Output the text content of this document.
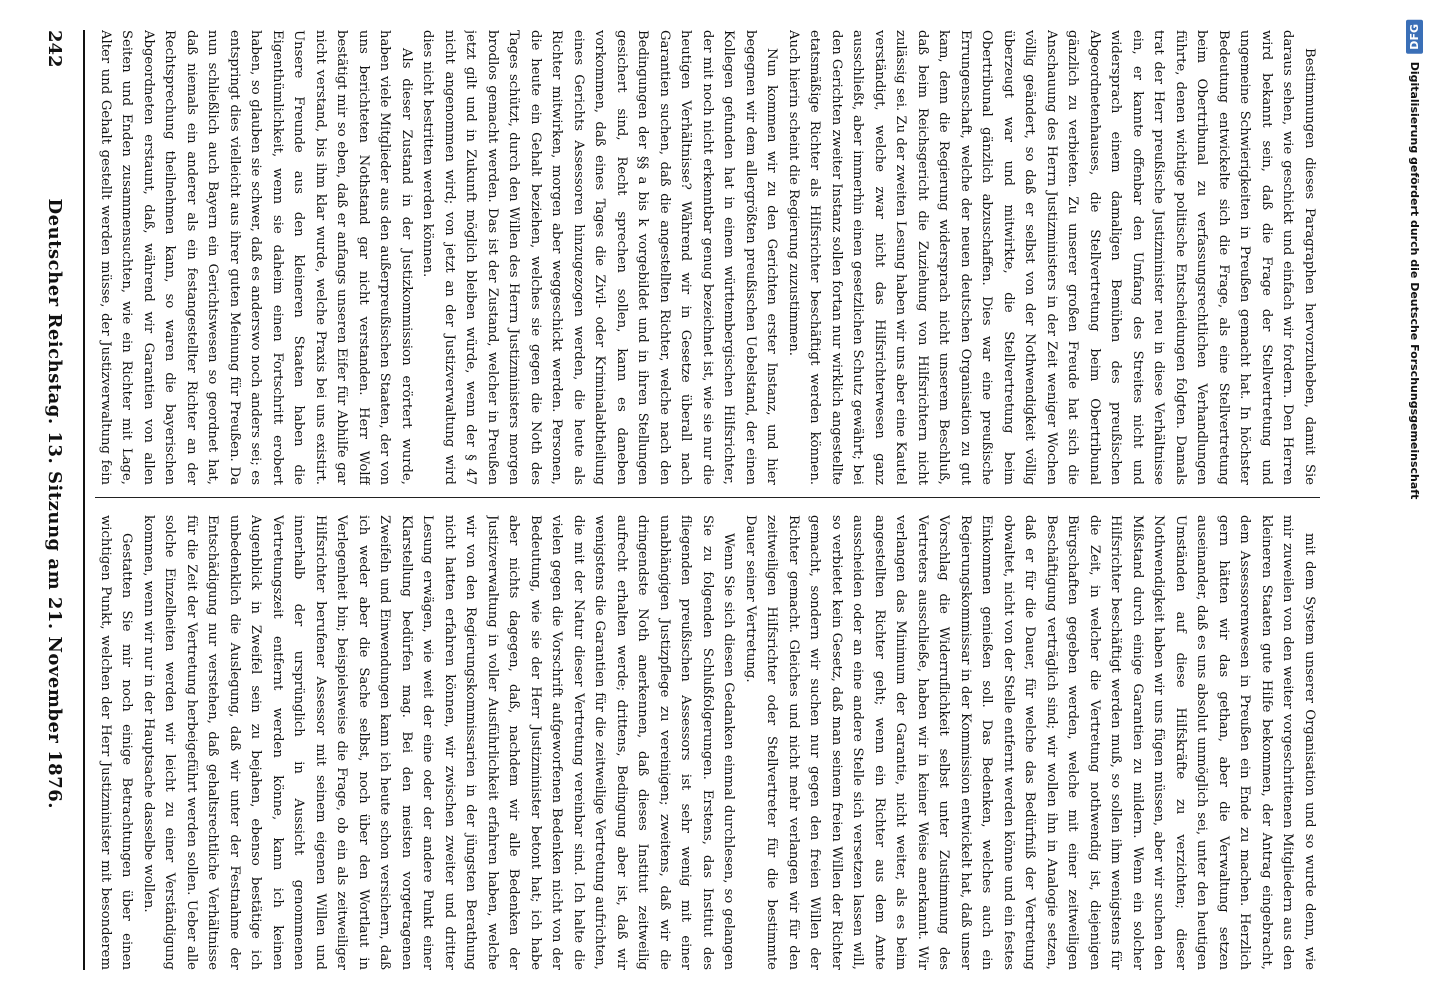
Bestimmungen dieses Paragraphen hervorzuheben, damit Sie daraus sehen, wie geschickt und einfach wir fordern. Den Herren wird bekannt sein, daß die Frage der Stellvertretung und ungemeine Schwierigkeiten in Preußen gemacht hat. In höchster Bedeutung entwickelte sich die Frage, als eine Stellvertretung beim Obertribunal zu verfassungsrechtlichen Verhandlungen führte, denen wichtige politische Entscheidungen folgten. Damals trat der Herr preußische Justizminister neu in diese Verhältnisse ein, er kannte offenbar den Umfang des Streites nicht und widersprach einem damaligen Bemühen des preußischen Abgeordnetenhauses, die Stellvertretung beim Obertribunal gänzlich zu verbieten. Zu unserer großen Freude hat sich die Anschauung des Herrn Justizministers in der Zeit weniger Wochen völlig geändert, so daß er selbst von der Nothwendigkeit völlig überzeugt war und mitwirkte, die Stellvertretung beim Obertribunal gänzlich abzuschaffen. Dies war eine preußische Errungenschaft, welche der neuen deutschen Organisation zu gut kam, denn die Regierung widersprach nicht unserem Beschluß, daß beim Reichsgericht die Zuziehung von Hilfsrichtern nicht zulässig sei. Zu der zweiten Lesung haben wir uns aber eine Kautel verständigt, welche zwar nicht das Hilfsrichterwesen ganz ausschließt, aber immerhin einen gesetzlichen Schutz gewährt; bei den Gerichten zweiter Instanz sollen fortan nur wirklich angestellte etatsmäßige Richter als Hilfsrichter beschäftigt werden können. Auch hierin scheint die Regierung zuzustimmen.

Nun kommen wir zu den Gerichten erster Instanz, und hier begegnen wir dem allergrößten preußischen Uebelstand, der einen Kollegen gefunden hat in einem württembergischen Hilfsrichter, der mit noch nicht erkenntbar genug bezeichnet ist, wie sie nur die heutigen Verhältnisse? Während wir in Gesetze überall nach Garantien suchen, daß die angestellten Richter, welche nach den Bedingungen der §§ a bis k vorgebildet und in ihren Stellungen gesichert sind, Recht sprechen sollen, kann es daneben vorkommen, daß eines Tages die Zivil- oder Kriminalabtheilung eines Gerichts Assessoren hinzugezogen werden, die heute als Richter mitwirken, morgen aber weggeschickt werden. Personen, die heute ein Gehalt beziehen, welches sie gegen die Noth des Tages schützt, durch den Willen des Herrn Justizministers morgen brodlos gemacht werden. Das ist der Zustand, welcher in Preußen jetzt gilt und in Zukunft möglich bleiben würde, wenn der § 47 nicht angenommen wird; von jetzt an der Justizverwaltung wird dies nicht bestritten werden können.

Als dieser Zustand in der Justizkommission erörtert wurde, haben viele Mitglieder aus den außerpreußischen Staaten, der von uns berichteten Nothstand gar nicht verstanden. Herr Wolff bestätigt mir so eben, daß er anfangs unseren Eifer für Abhilfe gar nicht verstand, bis ihm klar wurde, welche Praxis bei uns existirt. Unsere Freunde aus den kleineren Staaten haben die Eigenthümlichkeit, wenn sie daheim einen Fortschritt erobert haben, so glauben sie schwer, daß es anderswo noch anders sei; es entspringt dies vielleicht aus ihrer guten Meinung für Preußen. Da nun schließlich auch Bayern ein Gerichtswesen so geordnet hat, daß niemals ein anderer als ein festangestellter Richter an der Rechtsprechung theilnehmen kann, so waren die bayerischen Abgeordneten erstaunt, daß, während wir Garantien von allen Seiten und Enden zusammensuchten, wie ein Richter mit Lage, Alter und Gehalt gestellt werden müsse, der Justizverwaltung fein

mit dem System unserer Organisation und so wurde denn, wie mir zuweilen von den weiter vorgeschrittenen Mitgliedern aus den kleineren Staaten gute Hilfe bekommen, der Antrag eingebracht, dem Assessorenwesen in Preußen ein Ende zu machen. Herzlich gern hätten wir das gethan, aber die Verwaltung setzen auseinander, daß es uns absolut unmöglich sei, unter den heutigen Umständen auf diese Hilfskräfte zu verzichten; dieser Nothwendigkeit haben wir uns fügen müssen, aber wir suchen den Mißstand durch einige Garantien zu mildern. Wenn ein solcher Hilfsrichter beschäftigt werden muß, so sollen ihm wenigstens für die Zeit, in welcher die Vertretung nothwendig ist, diejenigen Bürgschaften gegeben werden, welche mit einer zeitweiligen Beschäftigung verträglich sind; wir wollen ihn in Analogie setzen, daß er für die Dauer, für welche das Bedürfniß der Vertretung obwaltet, nicht von der Stelle entfernt werden könne und ein festes Einkommen genießen soll. Das Bedenken, welches auch ein Regierungskommissar in der Kommission entwickelt hat, daß unser Vorschlag die Widerruflichkeit selbst unter Zustimmung des Vertreters ausschließe, haben wir in keiner Weise anerkannt. Wir verlangen das Minimum der Garantie, nicht weiter, als es beim angestellten Richter geht; wenn ein Richter aus dem Amte ausscheiden oder an eine andere Stelle sich versetzen lassen will, so verbietet kein Gesetz, daß man seinem freien Willen der Richter gemacht, sondern wir suchen nur gegen den freien Willen der Richter gemacht. Gleiches und nicht mehr verlangen wir für den zeitweiligen Hilfsrichter oder Stellvertreter für die bestimmte Dauer seiner Vertretung.

Wenn Sie sich diesen Gedanken einmal durchlesen, so gelangen Sie zu folgenden Schlußfolgerungen. Erstens, das Institut des fliegenden preußischen Assessors ist sehr wenig mit einer unabhängigen Justizpflege zu vereinigen; zweitens, daß wir die dringendste Noth anerkennen, daß dieses Institut zeitweilig aufrecht erhalten werde; drittens, Bedingung aber ist, daß wir wenigstens die Garantien für die zeitweilige Vertretung aufrichten, die mit der Natur dieser Vertretung vereinbar sind. Ich halte die vielen gegen die Vorschrift aufgeworfenen Bedenken nicht von der Bedeutung, wie sie der Herr Justizminister betont hat; ich habe aber nichts dagegen, daß, nachdem wir alle Bedenken der Justizverwaltung in voller Ausführlichkeit erfahren haben, welche wir von den Regierungskommissarien in der jüngsten Berathung nicht hatten erfahren können, wir zwischen zweiter und dritter Lesung erwägen, wie weit der eine oder der andere Punkt einer Klarstellung bedürfen mag. Bei den meisten vorgetragenen Zweifeln und Einwendungen kann ich heute schon versichern, daß ich weder aber die Sache selbst, noch über den Wortlaut in Verlegenheit bin; beispielsweise die Frage, ob ein als zeitweiliger Hilfsrichter berufener Assessor mit seinem eigenen Willen und innerhalb der ursprünglich in Aussicht genommenen Vertretungszeit entfernt werden könne, kann ich keinen Augenblick in Zweifel sein zu bejahen, ebenso bestätige ich unbedenklich die Auslegung, daß wir unter der Festnahme der Entschädigung nur verstehen, daß gehaltsrechtliche Verhältnisse für die Zeit der Vertretung herbeigeführt werden sollen. Ueber alle solche Einzelheiten werden wir leicht zu einer Verständigung kommen, wenn wir nur in der Hauptsache dasselbe wollen.

Gestatten Sie mir noch einige Betrachtungen über einen wichtigen Punkt, welchen der Herr Justizminister mit besonderem

242
Deutscher Reichstag. 13. Sitzung am 21. November 1876.
DFG
Digitalisierung gefördert durch die Deutsche Forschungsgemeinschaft
